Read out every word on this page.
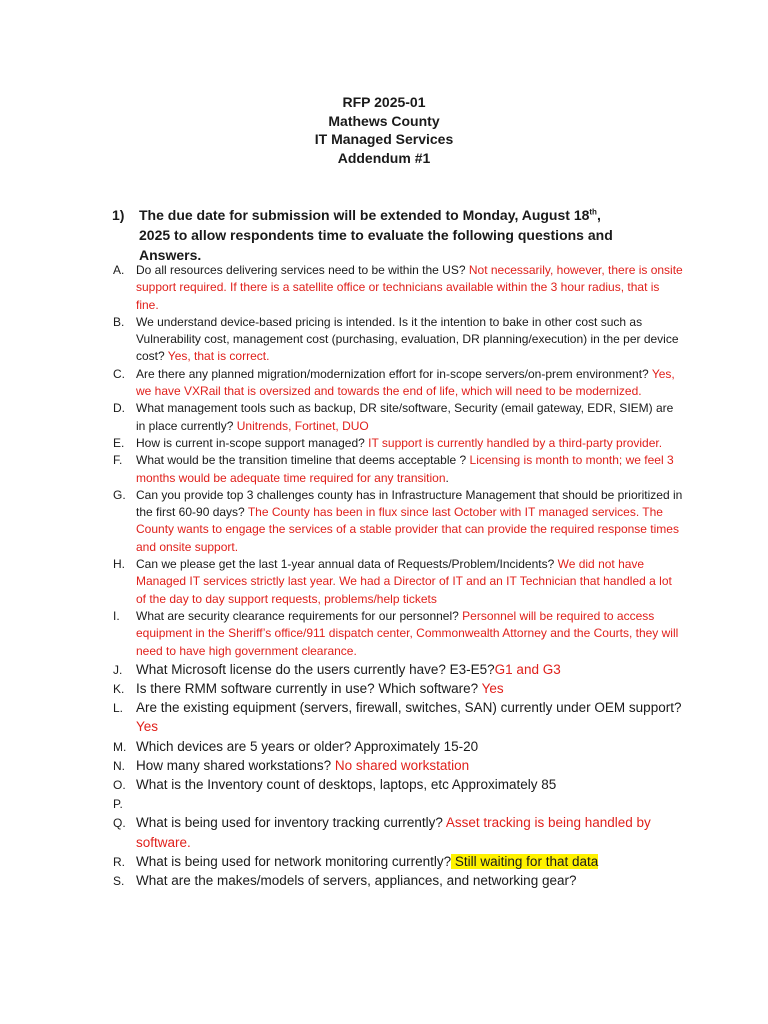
RFP 2025-01
Mathews County
IT Managed Services
Addendum #1
1) The due date for submission will be extended to Monday, August 18th, 2025 to allow respondents time to evaluate the following questions and Answers.
A. Do all resources delivering services need to be within the US? Not necessarily, however, there is onsite support required. If there is a satellite office or technicians available within the 3 hour radius, that is fine.
B. We understand device-based pricing is intended. Is it the intention to bake in other cost such as Vulnerability cost, management cost (purchasing, evaluation, DR planning/execution) in the per device cost? Yes, that is correct.
C. Are there any planned migration/modernization effort for in-scope servers/on-prem environment? Yes, we have VXRail that is oversized and towards the end of life, which will need to be modernized.
D. What management tools such as backup, DR site/software, Security (email gateway, EDR, SIEM) are in place currently? Unitrends, Fortinet, DUO
E. How is current in-scope support managed? IT support is currently handled by a third-party provider.
F. What would be the transition timeline that deems acceptable ? Licensing is month to month; we feel 3 months would be adequate time required for any transition.
G. Can you provide top 3 challenges county has in Infrastructure Management that should be prioritized in the first 60-90 days? The County has been in flux since last October with IT managed services. The County wants to engage the services of a stable provider that can provide the required response times and onsite support.
H. Can we please get the last 1-year annual data of Requests/Problem/Incidents? We did not have Managed IT services strictly last year. We had a Director of IT and an IT Technician that handled a lot of the day to day support requests, problems/help tickets
I. What are security clearance requirements for our personnel? Personnel will be required to access equipment in the Sheriff’s office/911 dispatch center, Commonwealth Attorney and the Courts, they will need to have high government clearance.
J. What Microsoft license do the users currently have? E3-E5?G1 and G3
K. Is there RMM software currently in use? Which software? Yes
L. Are the existing equipment (servers, firewall, switches, SAN) currently under OEM support? Yes
M. Which devices are 5 years or older? Approximately 15-20
N. How many shared workstations? No shared workstation
O. What is the Inventory count of desktops, laptops, etc Approximately 85
P.

Q. What is being used for inventory tracking currently? Asset tracking is being handled by software.
R. What is being used for network monitoring currently? Still waiting for that data
S. What are the makes/models of servers, appliances, and networking gear?
